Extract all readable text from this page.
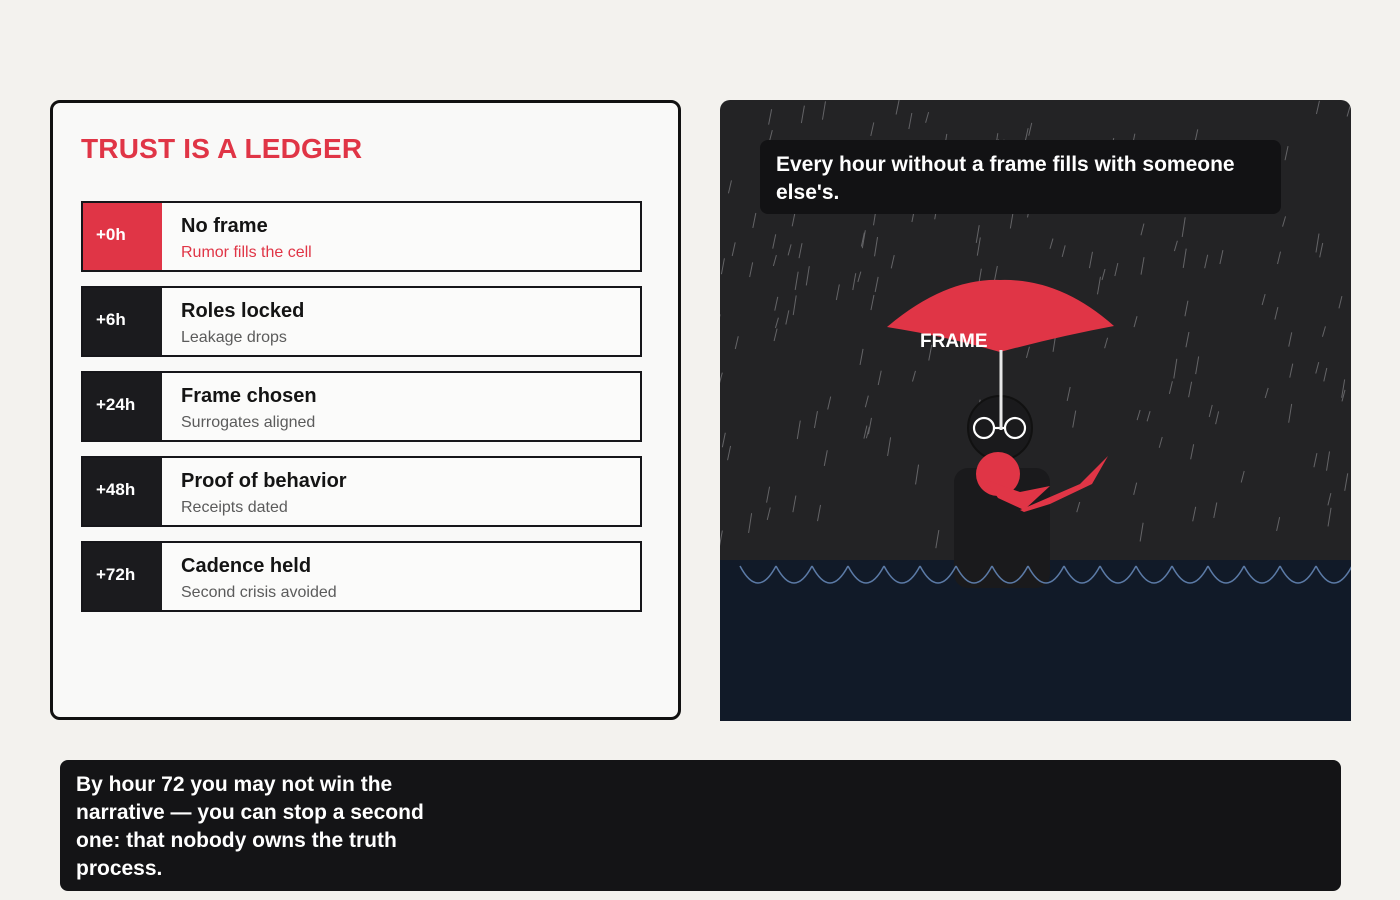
TRUST IS A LEDGER
+0h	No frame
Rumor fills the cell
+6h	Roles locked
Leakage drops
+24h	Frame chosen
Surrogates aligned
+48h	Proof of behavior
Receipts dated
+72h	Cadence held
Second crisis avoided
Every hour without a frame fills with someone else's.
FRAME
By hour 72 you may not win the narrative — you can stop a second one: that nobody owns the truth process.
